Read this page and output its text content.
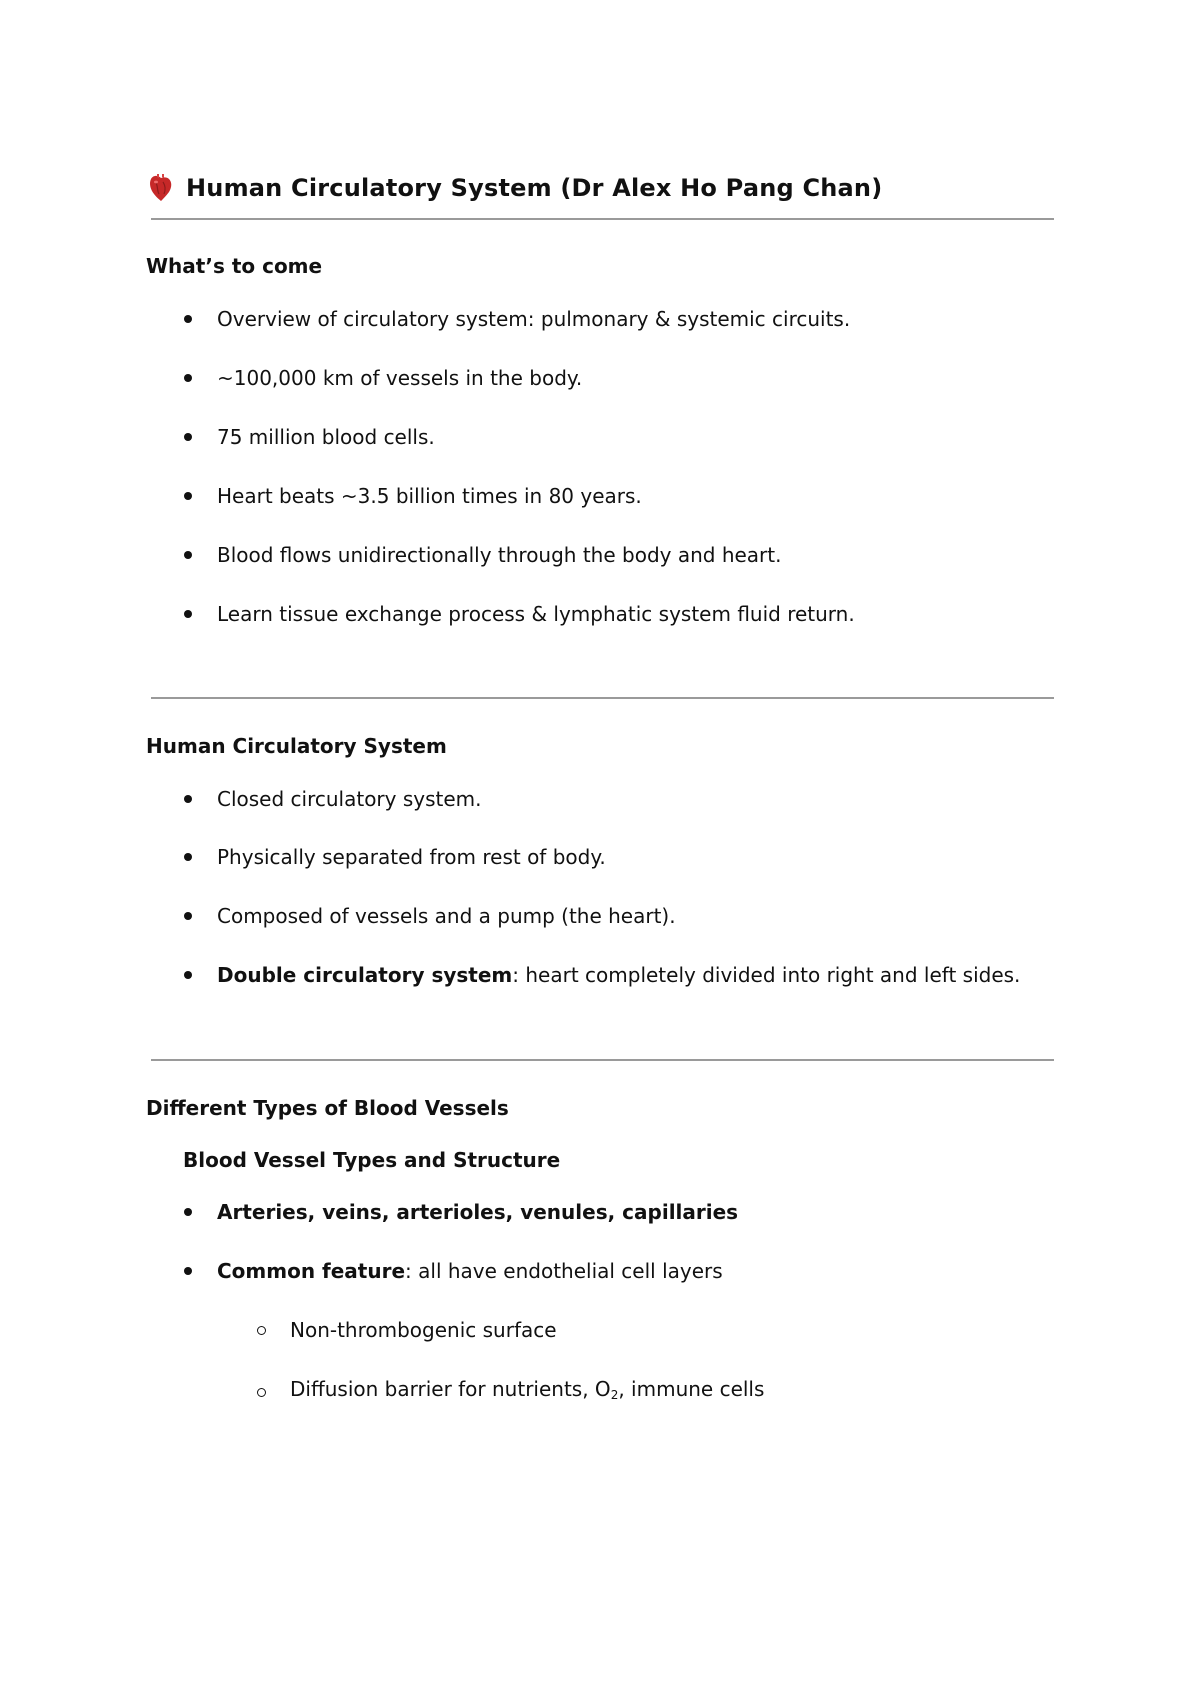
Human Circulatory System (Dr Alex Ho Pang Chan)
What’s to come
Overview of circulatory system: pulmonary & systemic circuits.
~100,000 km of vessels in the body.
75 million blood cells.
Heart beats ~3.5 billion times in 80 years.
Blood flows unidirectionally through the body and heart.
Learn tissue exchange process & lymphatic system fluid return.
Human Circulatory System
Closed circulatory system.
Physically separated from rest of body.
Composed of vessels and a pump (the heart).
Double circulatory system: heart completely divided into right and left sides.
Different Types of Blood Vessels
Blood Vessel Types and Structure
Arteries, veins, arterioles, venules, capillaries
Common feature: all have endothelial cell layers
Non-thrombogenic surface
Diffusion barrier for nutrients, $O_2$, immune cells
